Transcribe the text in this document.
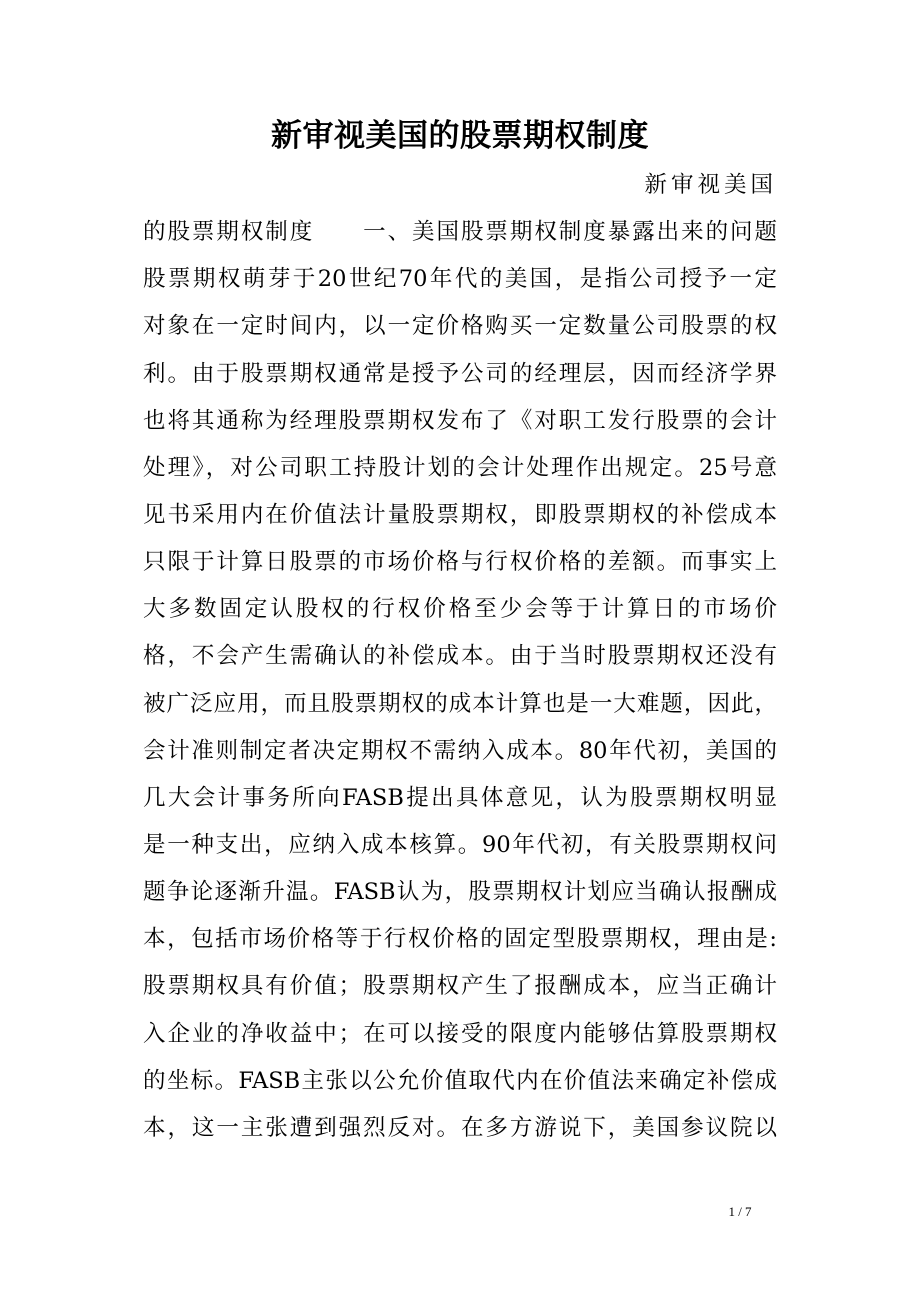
新审视美国的股票期权制度
新审视美国
的股票期权制度　　一、美国股票期权制度暴露出来的问题
股票期权萌芽于20世纪70年代的美国，是指公司授予一定
对象在一定时间内，以一定价格购买一定数量公司股票的权
利。由于股票期权通常是授予公司的经理层，因而经济学界
也将其通称为经理股票期权发布了《对职工发行股票的会计
处理》，对公司职工持股计划的会计处理作出规定。25号意
见书采用内在价值法计量股票期权，即股票期权的补偿成本
只限于计算日股票的市场价格与行权价格的差额。而事实上
大多数固定认股权的行权价格至少会等于计算日的市场价
格，不会产生需确认的补偿成本。由于当时股票期权还没有
被广泛应用，而且股票期权的成本计算也是一大难题，因此，
会计准则制定者决定期权不需纳入成本。80年代初，美国的
几大会计事务所向FASB提出具体意见，认为股票期权明显
是一种支出，应纳入成本核算。90年代初，有关股票期权问
题争论逐渐升温。FASB认为，股票期权计划应当确认报酬成
本，包括市场价格等于行权价格的固定型股票期权，理由是:
股票期权具有价值；股票期权产生了报酬成本，应当正确计
入企业的净收益中；在可以接受的限度内能够估算股票期权
的坐标。FASB主张以公允价值取代内在价值法来确定补偿成
本，这一主张遭到强烈反对。在多方游说下，美国参议院以
1 / 7
